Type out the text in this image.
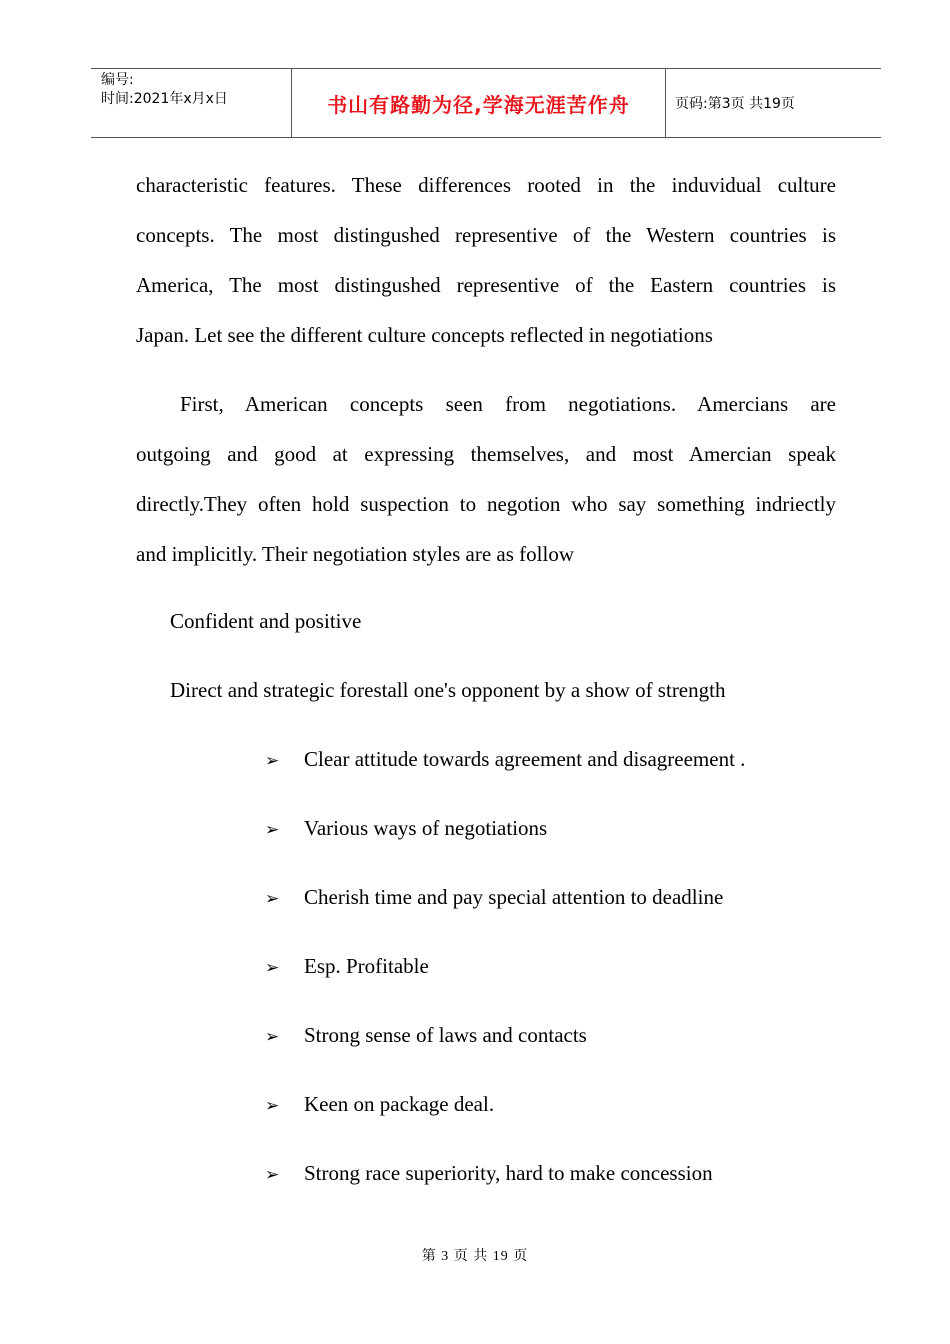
编号:
时间:2021年x月x日	书山有路勤为径,学海无涯苦作舟	页码:第3页 共19页

characteristic features. These differences rooted in the induvidual culture

concepts. The most distingushed representive of the Western countries is

America, The most distingushed representive of the Eastern countries is

Japan. Let see the different culture concepts reflected in negotiations

First, American concepts seen from negotiations. Amercians are

outgoing and good at expressing themselves, and most Amercian speak

directly.They often hold suspection to negotion who say something indriectly

and implicitly. Their negotiation styles are as follow

Confident and positive
Direct and strategic forestall one's opponent by a show of strength
➢ Clear attitude towards agreement and disagreement .
➢ Various ways of negotiations
➢ Cherish time and pay special attention to deadline
➢ Esp. Profitable
➢ Strong sense of laws and contacts
➢ Keen on package deal.
➢ Strong race superiority, hard to make concession
第 3 页 共 19 页
